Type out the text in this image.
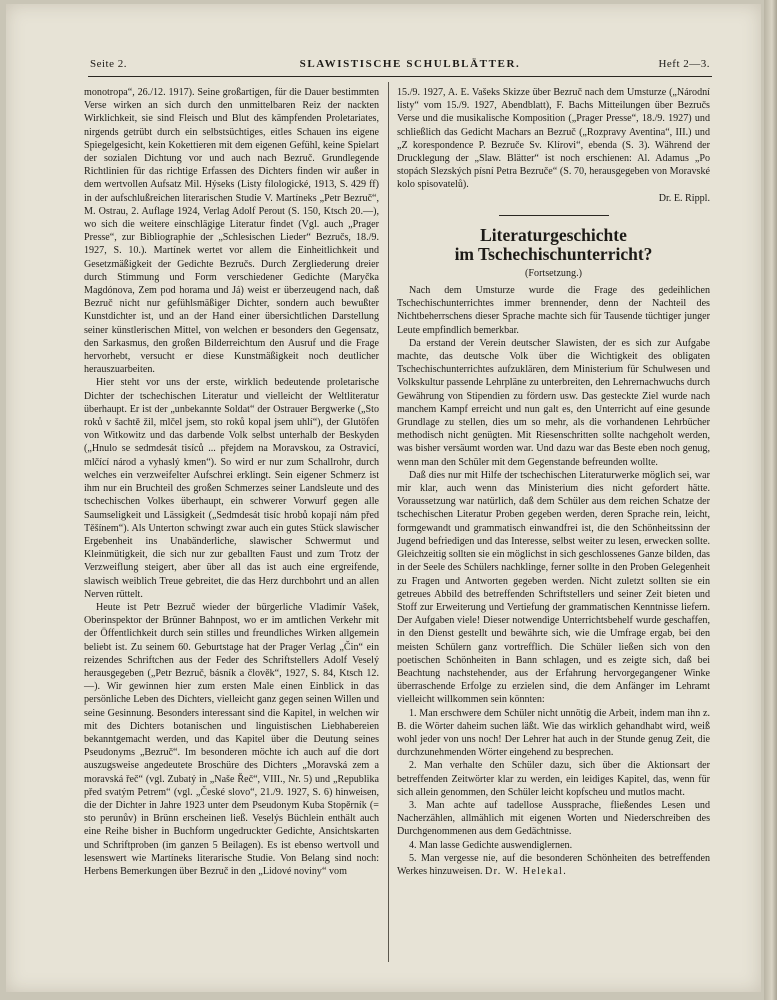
Seite 2.	SLAWISTISCHE SCHULBLÄTTER.	Heft 2—3.

monotropa“, 26./12. 1917). Seine großartigen, für die Dauer bestimmten Verse wirken an sich durch den unmittelbaren Reiz der nackten Wirklichkeit, sie sind Fleisch und Blut des kämpfenden Proletariates, nirgends getrübt durch ein selbstsüchtiges, eitles Schauen ins eigene Spiegelgesicht, kein Kokettieren mit dem eigenen Gefühl, keine Spielart der sozialen Dichtung vor und auch nach Bezruč. Grundlegende Richtlinien für das richtige Erfassen des Dichters finden wir außer in dem wertvollen Aufsatz Mil. Hýseks (Listy filologické, 1913, S. 429 ff) in der aufschlußreichen literarischen Studie V. Martíneks „Petr Bezruč“, M. Ostrau, 2. Auflage 1924, Verlag Adolf Perout (S. 150, Ktsch 20.—), wo sich die weitere einschlägige Literatur findet (Vgl. auch „Prager Presse“, zur Bibliographie der „Schlesischen Lieder“ Bezručs, 18./9. 1927, S. 10.). Martínek wertet vor allem die Einheitlichkeit und Gesetzmäßigkeit der Gedichte Bezručs. Durch Zergliederung dreier durch Stimmung und Form verschiedener Gedichte (Maryčka Magdónova, Zem pod horama und Já) weist er überzeugend nach, daß Bezruč nicht nur gefühlsmäßiger Dichter, sondern auch bewußter Kunstdichter ist, und an der Hand einer übersichtlichen Darstellung seiner künstlerischen Mittel, von welchen er besonders den Gegensatz, den Sarkasmus, den großen Bilderreichtum den Ausruf und die Frage hervorhebt, versucht er diese Kunstmäßigkeit noch deutlicher herauszuarbeiten.

Hier steht vor uns der erste, wirklich bedeutende proletarische Dichter der tschechischen Literatur und vielleicht der Weltliteratur überhaupt. Er ist der „unbekannte Soldat“ der Ostrauer Bergwerke („Sto roků v šachtě žil, mlčel jsem, sto roků kopal jsem uhlí“), der Glutöfen von Witkowitz und das darbende Volk selbst unterhalb der Beskyden („Hnulo se sedmdesát tisíců ... přejdem na Moravskou, za Ostravicí, mlčící národ a vyhaslý kmen“). So wird er nur zum Schallrohr, durch welches ein verzweifelter Aufschrei erklingt. Sein eigener Schmerz ist ihm nur ein Bruchteil des großen Schmerzes seiner Landsleute und des tschechischen Volkes überhaupt, ein schwerer Vorwurf gegen alle Saumseligkeit und Lässigkeit („Sedmdesát tisíc hrobů kopají nám před Těšínem“). Als Unterton schwingt zwar auch ein gutes Stück slawischer Ergebenheit ins Unabänderliche, slawischer Schwermut und Kleinmütigkeit, die sich nur zur geballten Faust und zum Trotz der Verzweiflung steigert, aber über all das ist auch eine ergreifende, slawisch weiblich Treue gebreitet, die das Herz durchbohrt und an allen Nerven rüttelt.

Heute ist Petr Bezruč wieder der bürgerliche Vladimír Vašek, Oberinspektor der Brünner Bahnpost, wo er im amtlichen Verkehr mit der Öffentlichkeit durch sein stilles und freundliches Wirken allgemein beliebt ist. Zu seinem 60. Geburtstage hat der Prager Verlag „Čin“ ein reizendes Schriftchen aus der Feder des Schriftstellers Adolf Veselý herausgegeben („Petr Bezruč, básník a člověk“, 1927, S. 84, Ktsch 12.—). Wir gewinnen hier zum ersten Male einen Einblick in das persönliche Leben des Dichters, vielleicht ganz gegen seinen Willen und seine Gesinnung. Besonders interessant sind die Kapitel, in welchen wir mit des Dichters botanischen und linguistischen Liebhabereien bekanntgemacht werden, und das Kapitel über die Deutung seines Pseudonyms „Bezruč“. Im besonderen möchte ich auch auf die dort auszugsweise angedeutete Broschüre des Dichters „Moravská zem a moravská řeč“ (vgl. Zubatý in „Naše Řeč“, VIII., Nr. 5) und „Republika před svatým Petrem“ (vgl. „České slovo“, 21./9. 1927, S. 6) hinweisen, die der Dichter in Jahre 1923 unter dem Pseudonym Kuba Stopěrník (= sto perunův) in Brünn erscheinen ließ. Veselýs Büchlein enthält auch eine Reihe bisher in Buchform ungedruckter Gedichte, Ansichtskarten und Schriftproben (im ganzen 5 Beilagen). Es ist ebenso wertvoll und lesenswert wie Martíneks literarische Studie. Von Belang sind noch: Herbens Bemerkungen über Bezruč in den „Lidové noviny“ vom

15./9. 1927, A. E. Vašeks Skizze über Bezruč nach dem Umsturze („Národní listy“ vom 15./9. 1927, Abendblatt), F. Bachs Mitteilungen über Bezručs Verse und die musikalische Komposition („Prager Presse“, 18./9. 1927) und schließlich das Gedicht Machars an Bezruč („Rozpravy Aventina“, III.) und „Z korespondence P. Bezruče Sv. Klírovi“, ebenda (S. 3). Während der Drucklegung der „Slaw. Blätter“ ist noch erschienen: Al. Adamus „Po stopách Slezských písní Petra Bezruče“ (S. 70, herausgegeben von Moravské kolo spisovatelů).

Dr. E. Rippl.

Literaturgeschichte
im Tschechischunterricht?
(Fortsetzung.)

Nach dem Umsturze wurde die Frage des gedeihlichen Tschechischunterrichtes immer brennender, denn der Nachteil des Nichtbeherrschens dieser Sprache machte sich für Tausende tüchtiger junger Leute empfindlich bemerkbar.

Da erstand der Verein deutscher Slawisten, der es sich zur Aufgabe machte, das deutsche Volk über die Wichtigkeit des obligaten Tschechischunterrichtes aufzuklären, dem Ministerium für Schulwesen und Volkskultur passende Lehrpläne zu unterbreiten, den Lehrernachwuchs durch Gewährung von Stipendien zu fördern usw. Das gesteckte Ziel wurde nach manchem Kampf erreicht und nun galt es, den Unterricht auf eine gesunde Grundlage zu stellen, dies um so mehr, als die vorhandenen Lehrbücher methodisch nicht genügten. Mit Riesenschritten sollte nachgeholt werden, was bisher versäumt worden war. Und dazu war das Beste eben noch genug, wenn man den Schüler mit dem Gegenstande befreunden wollte.

Daß dies nur mit Hilfe der tschechischen Literaturwerke möglich sei, war mir klar, auch wenn das Ministerium dies nicht gefordert hätte. Voraussetzung war natürlich, daß dem Schüler aus dem reichen Schatze der tschechischen Literatur Proben gegeben werden, deren Sprache rein, leicht, formgewandt und grammatisch einwandfrei ist, die den Schönheitssinn der Jugend befriedigen und das Interesse, selbst weiter zu lesen, erwecken sollte. Gleichzeitig sollten sie ein möglichst in sich geschlossenes Ganze bilden, das in der Seele des Schülers nachklinge, ferner sollte in den Proben Gelegenheit zu Fragen und Antworten gegeben werden. Nicht zuletzt sollten sie ein getreues Abbild des betreffenden Schriftstellers und seiner Zeit bieten und Stoff zur Erweiterung und Vertiefung der grammatischen Kenntnisse liefern. Der Aufgaben viele! Dieser notwendige Unterrichtsbehelf wurde geschaffen, in den Dienst gestellt und bewährte sich, wie die Umfrage ergab, bei den meisten Schülern ganz vortrefflich. Die Schüler ließen sich von den poetischen Schönheiten in Bann schlagen, und es zeigte sich, daß bei Beachtung nachstehender, aus der Erfahrung hervorgegangener Winke überraschende Erfolge zu erzielen sind, die dem Anfänger im Lehramt vielleicht willkommen sein könnten:

1. Man erschwere dem Schüler nicht unnötig die Arbeit, indem man ihn z. B. die Wörter daheim suchen läßt. Wie das wirklich gehandhabt wird, weiß wohl jeder von uns noch! Der Lehrer hat auch in der Stunde genug Zeit, die durchzunehmenden Wörter eingehend zu besprechen.

2. Man verhalte den Schüler dazu, sich über die Aktionsart der betreffenden Zeitwörter klar zu werden, ein leidiges Kapitel, das, wenn für sich allein genommen, den Schüler leicht kopfscheu und mutlos macht.

3. Man achte auf tadellose Aussprache, fließendes Lesen und Nacherzählen, allmählich mit eigenen Worten und Niederschreiben des Durchgenommenen aus dem Gedächtnisse.

4. Man lasse Gedichte auswendiglernen.

5. Man vergesse nie, auf die besonderen Schönheiten des betreffenden Werkes hinzuweisen. Dr. W. Helekal.
